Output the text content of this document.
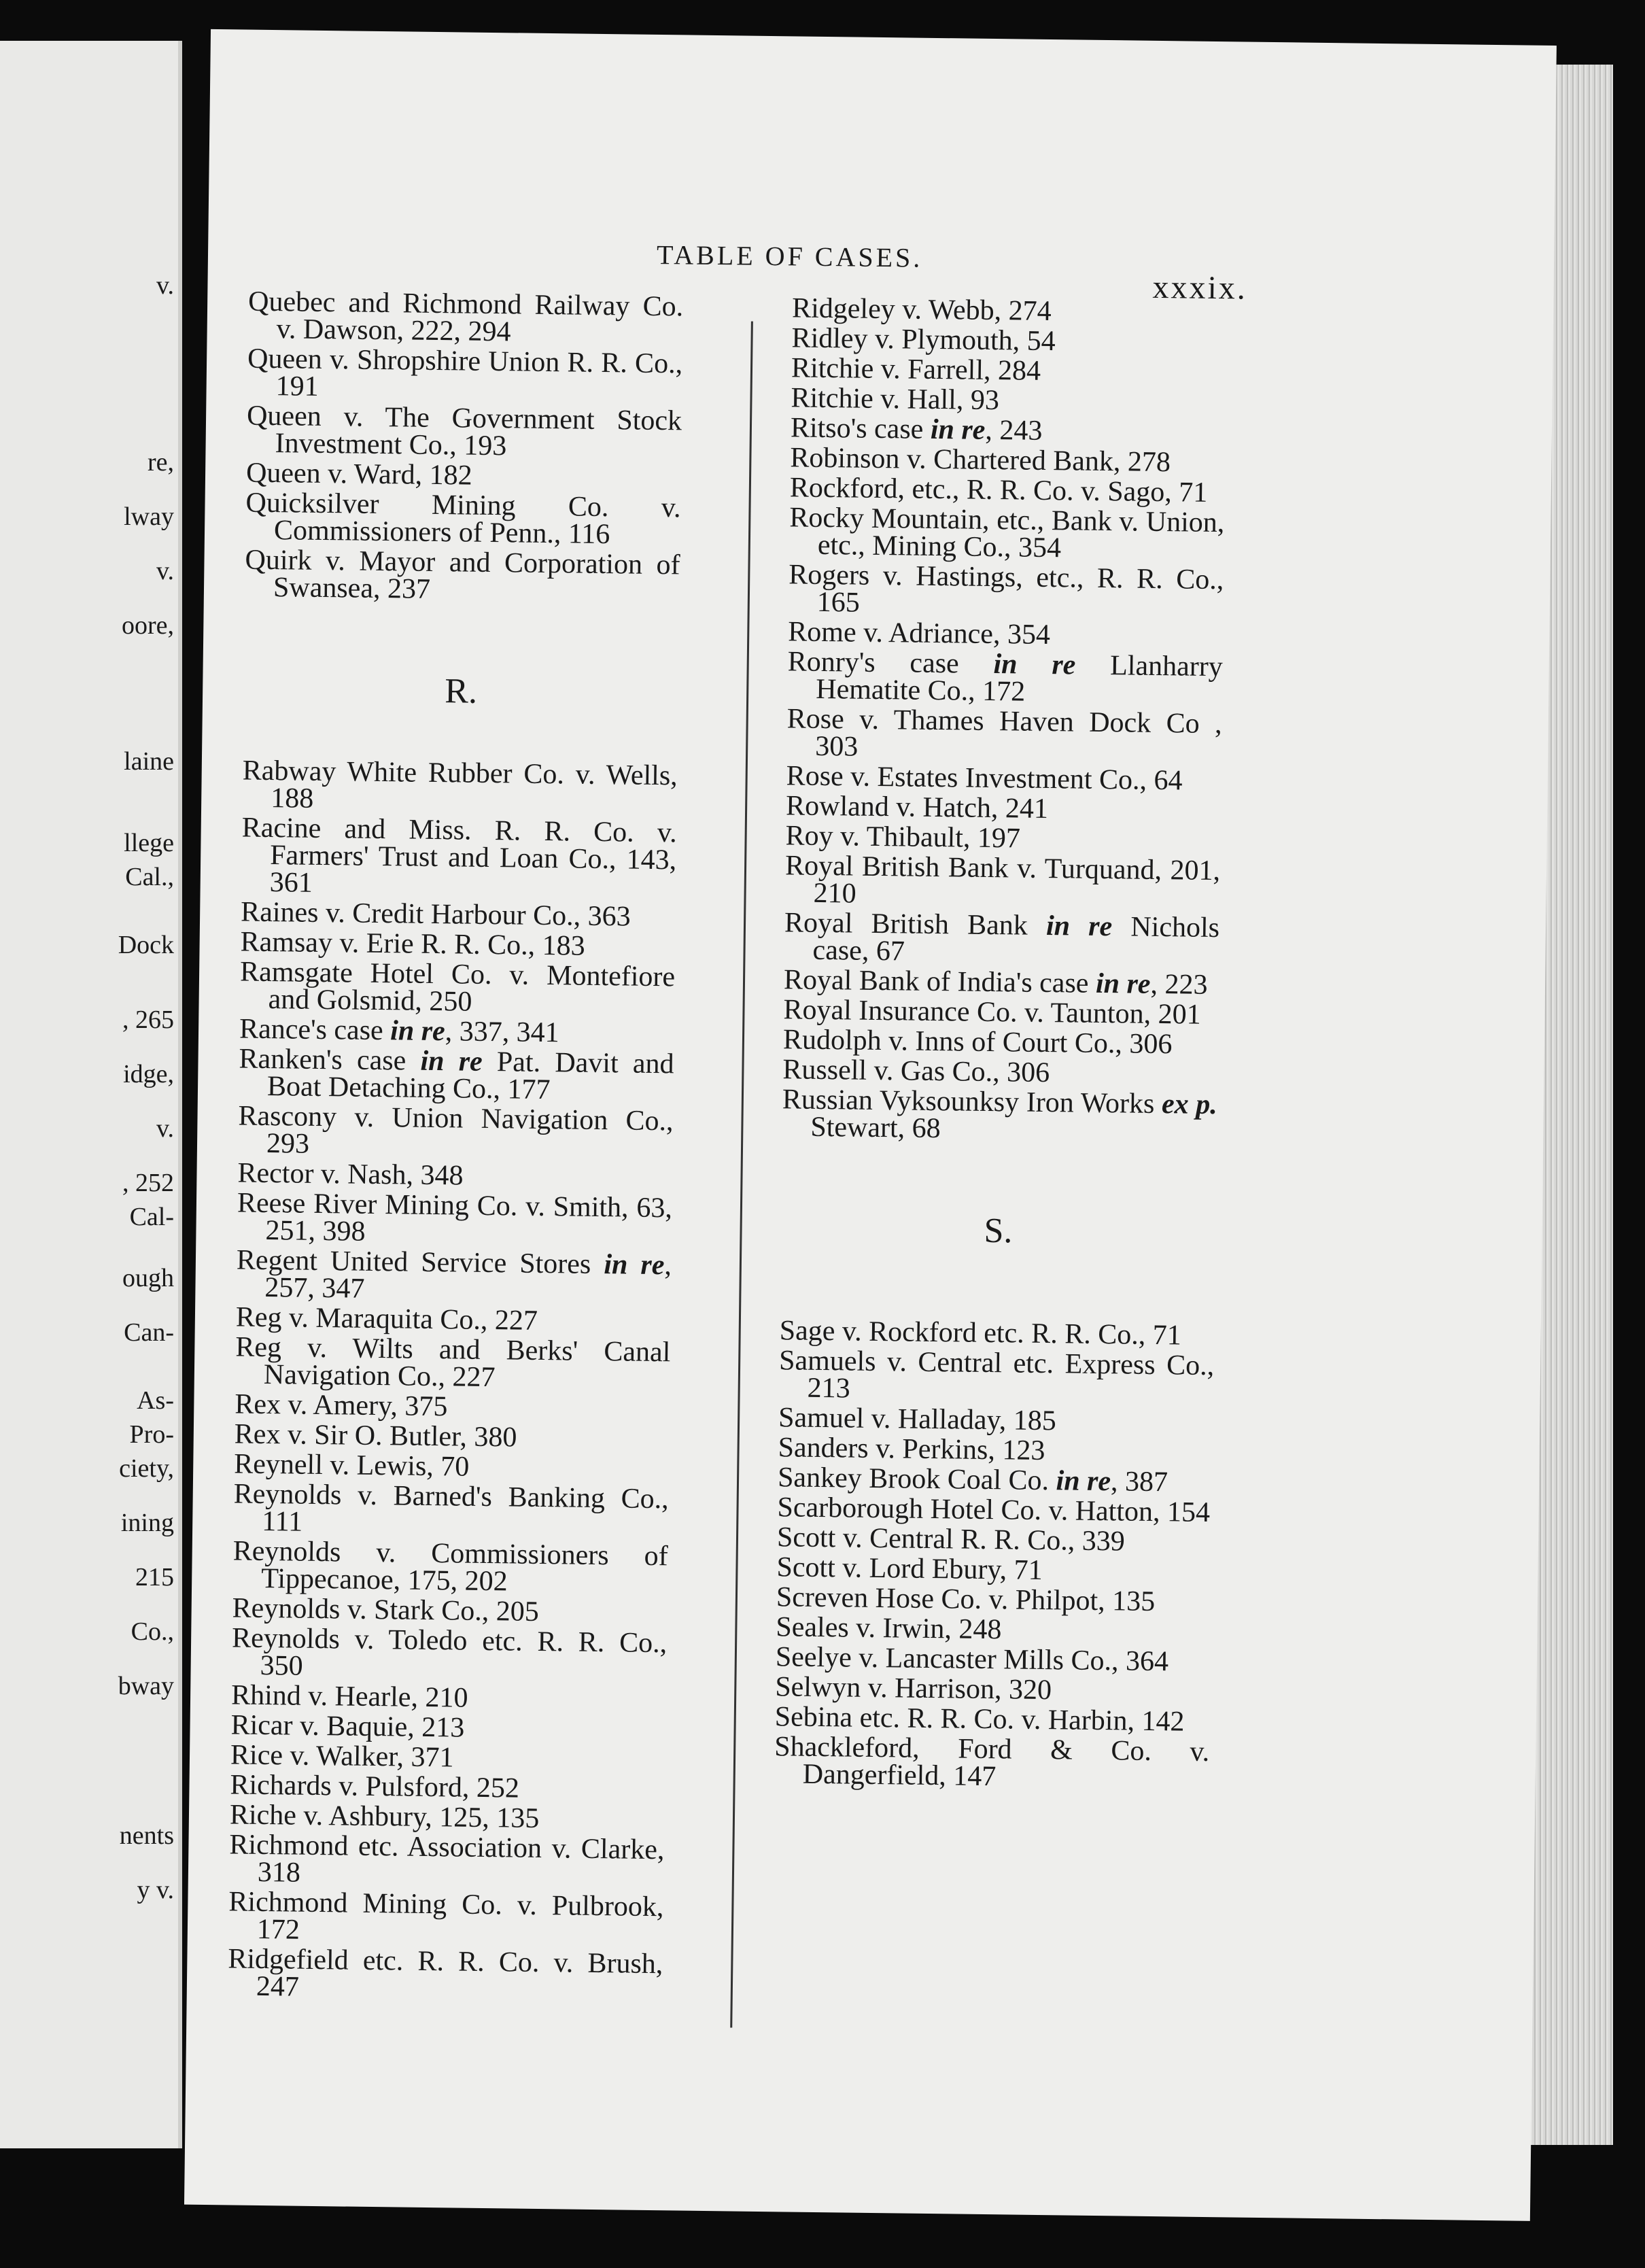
v.
re,
lway
v.
oore,
laine
llege
Cal.,
Dock
, 265
idge,
v.
, 252
Cal-
ough
Can-
As-
Pro-
ciety,
ining
215
Co.,
bway
nents
y v.
TABLE OF CASES.
xxxix.

Quebec and Richmond Railway Co. v. Dawson, 222, 294

Queen v. Shropshire Union R. R. Co., 191

Queen v. The Government Stock Investment Co., 193

Queen v. Ward, 182

Quicksilver Mining Co. v. Commissioners of Penn., 116

Quirk v. Mayor and Corporation of Swansea, 237

R.

Rabway White Rubber Co. v. Wells, 188

Racine and Miss. R. R. Co. v. Farmers' Trust and Loan Co., 143, 361

Raines v. Credit Harbour Co., 363

Ramsay v. Erie R. R. Co., 183

Ramsgate Hotel Co. v. Montefiore and Golsmid, 250

Rance's case in re, 337, 341

Ranken's case in re Pat. Davit and Boat Detaching Co., 177

Rascony v. Union Navigation Co., 293

Rector v. Nash, 348

Reese River Mining Co. v. Smith, 63, 251, 398

Regent United Service Stores in re, 257, 347

Reg v. Maraquita Co., 227

Reg v. Wilts and Berks' Canal Navigation Co., 227

Rex v. Amery, 375

Rex v. Sir O. Butler, 380

Reynell v. Lewis, 70

Reynolds v. Barned's Banking Co., 111

Reynolds v. Commissioners of Tippecanoe, 175, 202

Reynolds v. Stark Co., 205

Reynolds v. Toledo etc. R. R. Co., 350

Rhind v. Hearle, 210

Ricar v. Baquie, 213

Rice v. Walker, 371

Richards v. Pulsford, 252

Riche v. Ashbury, 125, 135

Richmond etc. Association v. Clarke, 318

Richmond Mining Co. v. Pulbrook, 172

Ridgefield etc. R. R. Co. v. Brush, 247

Ridgeley v. Webb, 274

Ridley v. Plymouth, 54

Ritchie v. Farrell, 284

Ritchie v. Hall, 93

Ritso's case in re, 243

Robinson v. Chartered Bank, 278

Rockford, etc., R. R. Co. v. Sago, 71

Rocky Mountain, etc., Bank v. Union, etc., Mining Co., 354

Rogers v. Hastings, etc., R. R. Co., 165

Rome v. Adriance, 354

Ronry's case in re Llanharry Hematite Co., 172

Rose v. Thames Haven Dock Co , 303

Rose v. Estates Investment Co., 64

Rowland v. Hatch, 241

Roy v. Thibault, 197

Royal British Bank v. Turquand, 201, 210

Royal British Bank in re Nichols case, 67

Royal Bank of India's case in re, 223

Royal Insurance Co. v. Taunton, 201

Rudolph v. Inns of Court Co., 306

Russell v. Gas Co., 306

Russian Vyksounksy Iron Works ex p. Stewart, 68

S.

Sage v. Rockford etc. R. R. Co., 71

Samuels v. Central etc. Express Co., 213

Samuel v. Halladay, 185

Sanders v. Perkins, 123

Sankey Brook Coal Co. in re, 387

Scarborough Hotel Co. v. Hatton, 154

Scott v. Central R. R. Co., 339

Scott v. Lord Ebury, 71

Screven Hose Co. v. Philpot, 135

Seales v. Irwin, 248

Seelye v. Lancaster Mills Co., 364

Selwyn v. Harrison, 320

Sebina etc. R. R. Co. v. Harbin, 142

Shackleford, Ford & Co. v. Dangerfield, 147
